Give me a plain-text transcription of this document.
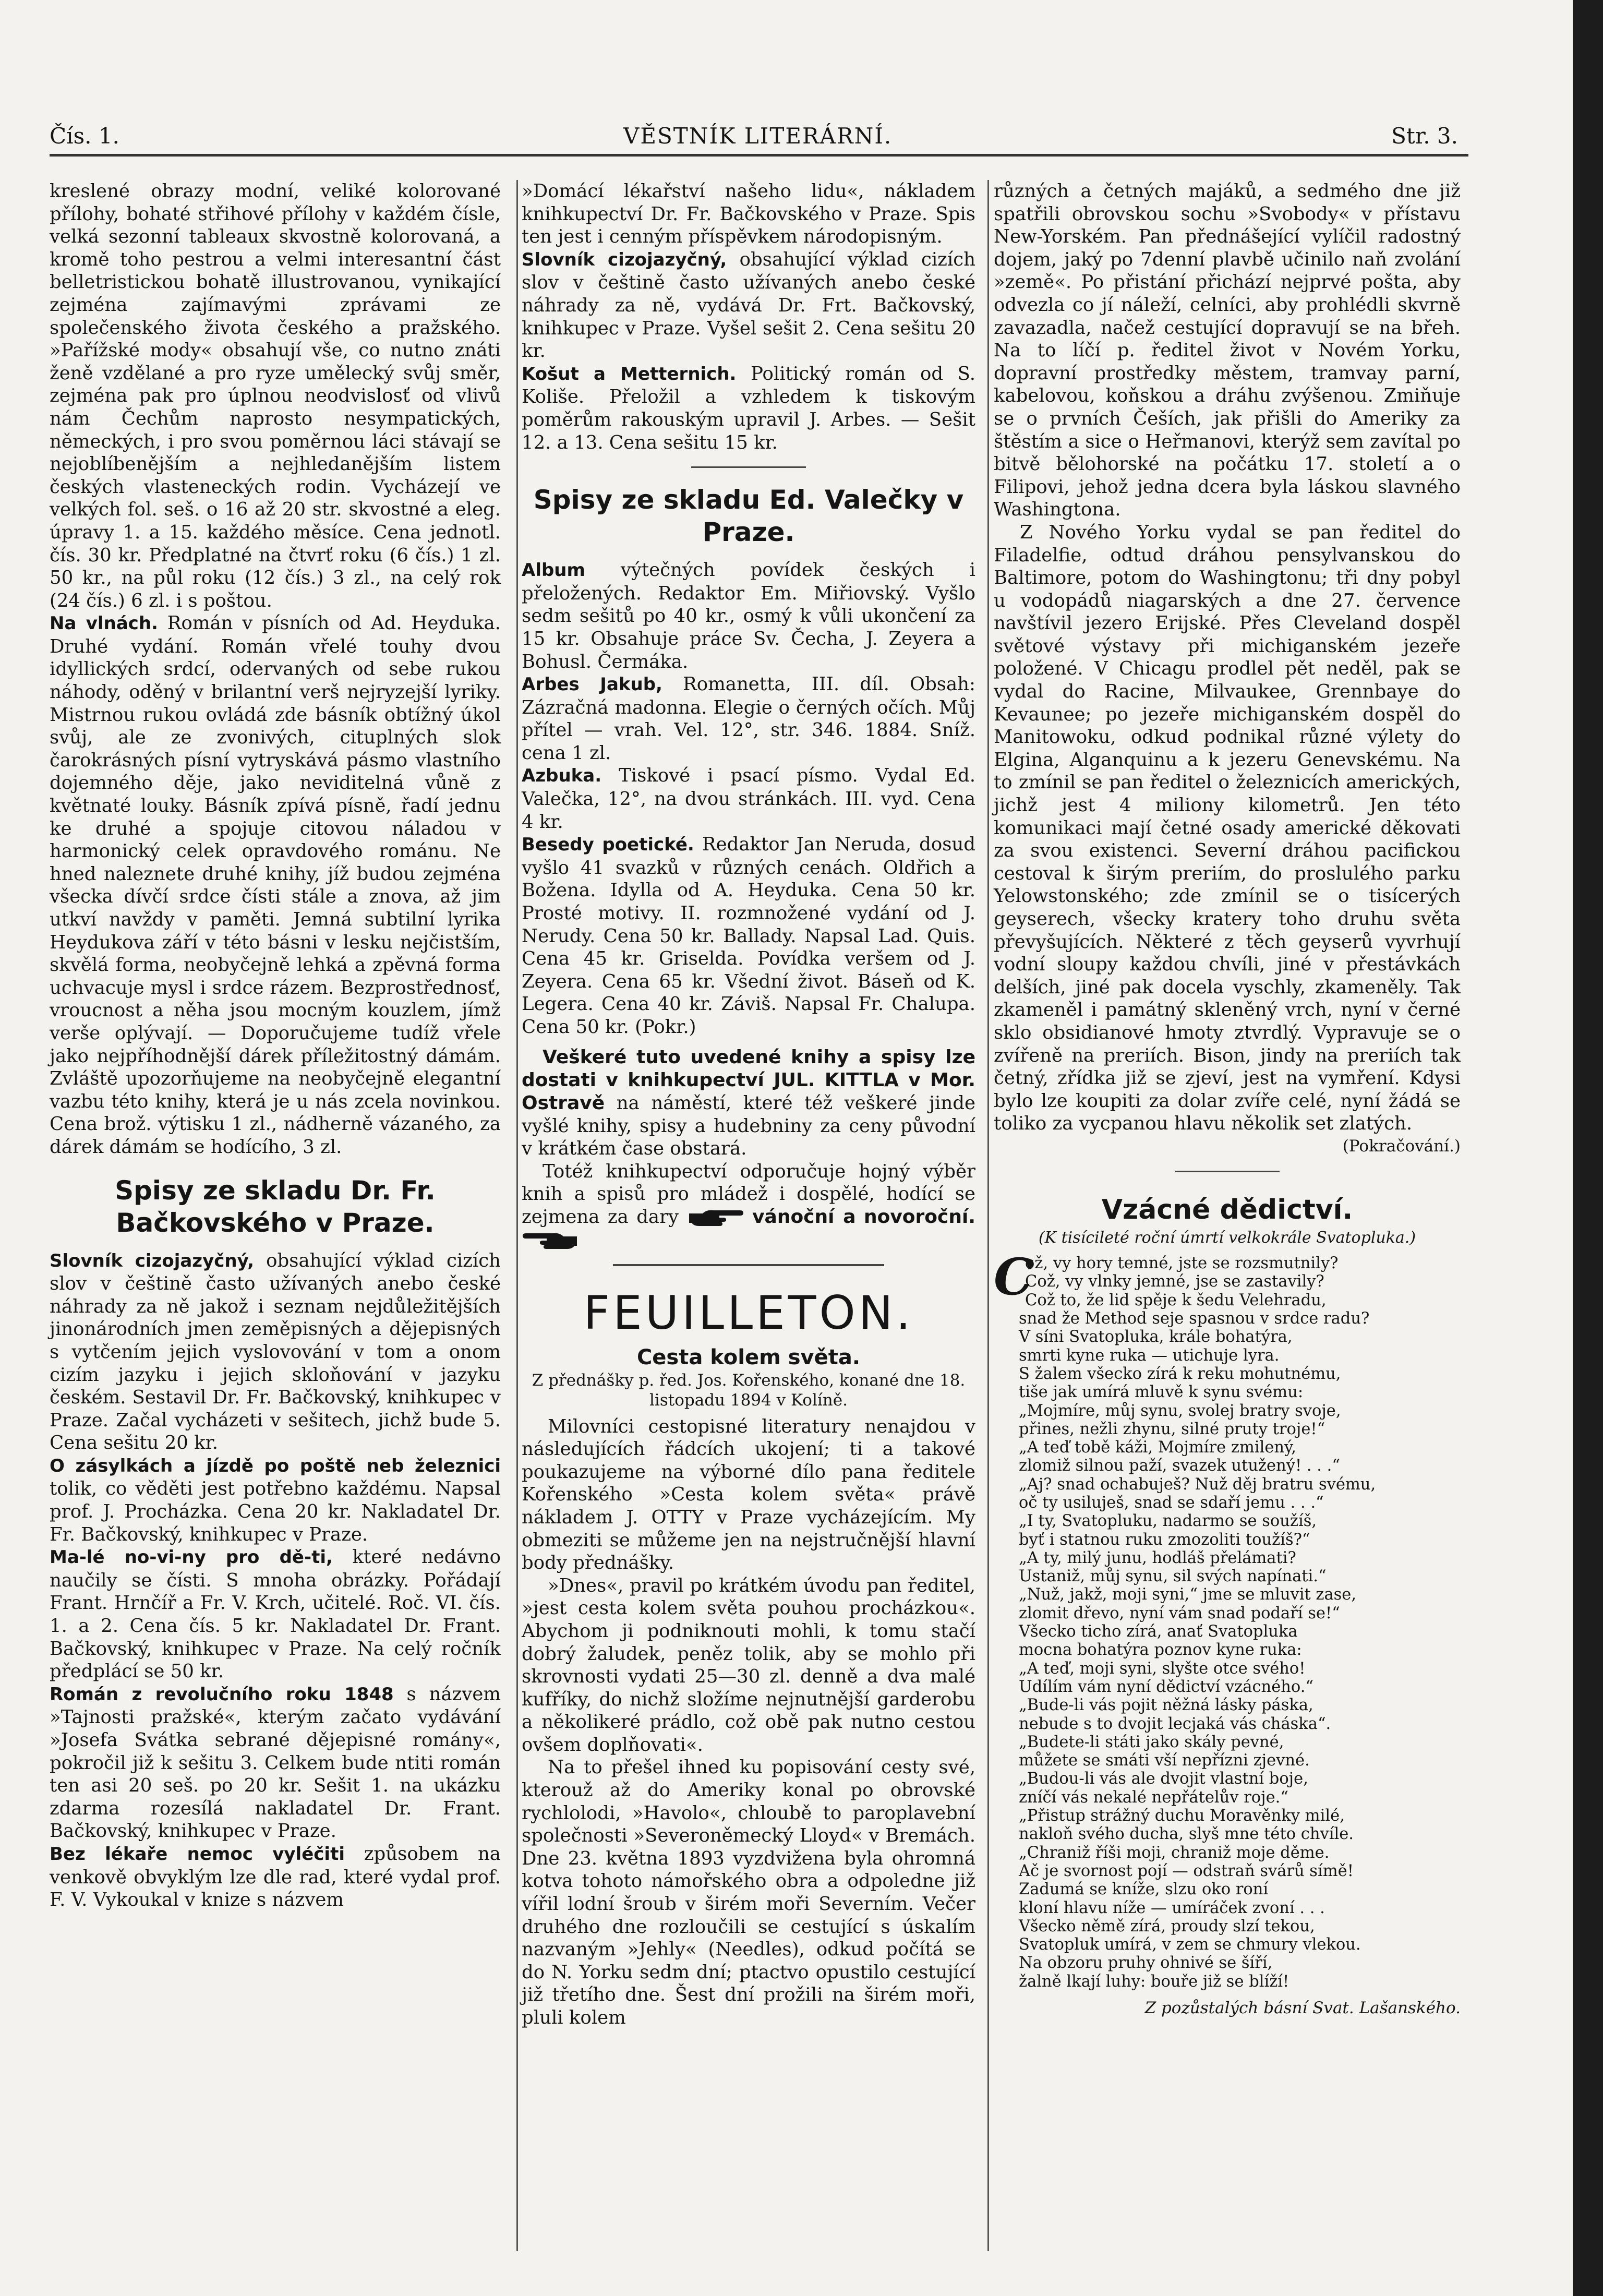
Čís. 1.	VĚSTNÍK LITERÁRNÍ.	Str. 3.

kreslené obrazy modní, veliké kolorované přílohy, bohaté střihové přílohy v každém čísle, velká sezonní tableaux skvostně kolorovaná, a kromě toho pestrou a velmi interesantní část belletristickou bohatě illustrovanou, vynikající zejména zajímavými zprávami ze společenského života českého a pražského. »Pařížské mody« obsahují vše, co nutno znáti ženě vzdělané a pro ryze umělecký svůj směr, zejména pak pro úplnou neodvislosť od vlivů nám Čechům naprosto nesympatických, německých, i pro svou poměrnou láci stávají se nejoblíbenějším a nejhledanějším listem českých vlasteneckých rodin. Vycházejí ve velkých fol. seš. o 16 až 20 str. skvostné a eleg. úpravy 1. a 15. každého měsíce. Cena jednotl. čís. 30 kr. Předplatné na čtvrť roku (6 čís.) 1 zl. 50 kr., na půl roku (12 čís.) 3 zl., na celý rok (24 čís.) 6 zl. i s poštou.

Na vlnách. Román v písních od Ad. Heyduka. Druhé vydání. Román vřelé touhy dvou idyllických srdcí, odervaných od sebe rukou náhody, oděný v brilantní verš nejryzejší lyriky. Mistrnou rukou ovládá zde básník obtížný úkol svůj, ale ze zvonivých, cituplných slok čarokrásných písní vytryskává pásmo vlastního dojemného děje, jako neviditelná vůně z květnaté louky. Básník zpívá písně, řadí jednu ke druhé a spojuje citovou náladou v harmonický celek opravdového románu. Ne hned naleznete druhé knihy, jíž budou zejména všecka dívčí srdce čísti stále a znova, až jim utkví navždy v paměti. Jemná subtilní lyrika Heydukova září v této básni v lesku nejčistším, skvělá forma, neobyčejně lehká a zpěvná forma uchvacuje mysl i srdce rázem. Bezprostřednosť, vroucnost a něha jsou mocným kouzlem, jímž verše oplývají. — Doporučujeme tudíž vřele jako nejpříhodnější dárek příležitostný dámám. Zvláště upozorňujeme na neobyčejně elegantní vazbu této knihy, která je u nás zcela novinkou. Cena brož. výtisku 1 zl., nádherně vázaného, za dárek dámám se hodícího, 3 zl.

Spisy ze skladu Dr. Fr. Bačkovského v Praze.

Slovník cizojazyčný, obsahující výklad cizích slov v češtině často užívaných anebo české náhrady za ně jakož i seznam nejdůležitějších jinonárodních jmen zeměpisných a dějepisných s vytčením jejich vyslovování v tom a onom cizím jazyku i jejich skloňování v jazyku českém. Sestavil Dr. Fr. Bačkovský, knihkupec v Praze. Začal vycházeti v sešitech, jichž bude 5. Cena sešitu 20 kr.

O zásylkách a jízdě po poště neb železnici tolik, co věděti jest potřebno každému. Napsal prof. J. Procházka. Cena 20 kr. Nakladatel Dr. Fr. Bačkovský, knihkupec v Praze.

Ma-lé no-vi-ny pro dě-ti, které nedávno naučily se čísti. S mnoha obrázky. Pořádají Frant. Hrnčíř a Fr. V. Krch, učitelé. Roč. VI. čís. 1. a 2. Cena čís. 5 kr. Nakladatel Dr. Frant. Bačkovský, knihkupec v Praze. Na celý ročník předplácí se 50 kr.

Román z revolučního roku 1848 s názvem »Tajnosti pražské«, kterým začato vydávání »Josefa Svátka sebrané dějepisné romány«, pokročil již k sešitu 3. Celkem bude ntiti román ten asi 20 seš. po 20 kr. Sešit 1. na ukázku zdarma rozesílá nakladatel Dr. Frant. Bačkovský, knihkupec v Praze.

Bez lékaře nemoc vyléčiti způsobem na venkově obvyklým lze dle rad, které vydal prof. F. V. Vykoukal v knize s názvem

»Domácí lékařství našeho lidu«, nákladem knihkupectví Dr. Fr. Bačkovského v Praze. Spis ten jest i cenným příspěvkem národopisným.

Slovník cizojazyčný, obsahující výklad cizích slov v češtině často užívaných anebo české náhrady za ně, vydává Dr. Frt. Bačkovský, knihkupec v Praze. Vyšel sešit 2. Cena sešitu 20 kr.

Košut a Metternich. Politický román od S. Koliše. Přeložil a vzhledem k tiskovým poměrům rakouským upravil J. Arbes. — Sešit 12. a 13. Cena sešitu 15 kr.

Spisy ze skladu Ed. Valečky v Praze.

Album výtečných povídek českých i přeložených. Redaktor Em. Miřiovský. Vyšlo sedm sešitů po 40 kr., osmý k vůli ukončení za 15 kr. Obsahuje práce Sv. Čecha, J. Zeyera a Bohusl. Čermáka.

Arbes Jakub, Romanetta, III. díl. Obsah: Zázračná madonna. Elegie o černých očích. Můj přítel — vrah. Vel. 12°, str. 346. 1884. Sníž. cena 1 zl.

Azbuka. Tiskové i psací písmo. Vydal Ed. Valečka, 12°, na dvou stránkách. III. vyd. Cena 4 kr.

Besedy poetické. Redaktor Jan Neruda, dosud vyšlo 41 svazků v různých cenách. Oldřich a Božena. Idylla od A. Heyduka. Cena 50 kr. Prosté motivy. II. rozmnožené vydání od J. Nerudy. Cena 50 kr. Ballady. Napsal Lad. Quis. Cena 45 kr. Griselda. Povídka veršem od J. Zeyera. Cena 65 kr. Všední život. Báseň od K. Legera. Cena 40 kr. Záviš. Napsal Fr. Chalupa. Cena 50 kr. (Pokr.)

Veškeré tuto uvedené knihy a spisy lze dostati v knihkupectví JUL. KITTLA v Mor. Ostravě na náměstí, které též veškeré jinde vyšlé knihy, spisy a hudebniny za ceny původní v krátkém čase obstará.

Totéž knihkupectví odporučuje hojný výběr knih a spisů pro mládež i dospělé, hodící se zejmena za dary	vánoční a novoroční.

FEUILLETON.
Cesta kolem světa.
Z přednášky p. řed. Jos. Kořenského, konané dne 18. listopadu 1894 v Kolíně.

Milovníci cestopisné literatury nenajdou v následujících řádcích ukojení; ti a takové poukazujeme na výborné dílo pana ředitele Kořenského »Cesta kolem světa« právě nákladem J. OTTY v Praze vycházejícím. My obmeziti se můžeme jen na nejstručnější hlavní body přednášky.

»Dnes«, pravil po krátkém úvodu pan ředitel, »jest cesta kolem světa pouhou procházkou«. Abychom ji podniknouti mohli, k tomu stačí dobrý žaludek, peněz tolik, aby se mohlo při skrovnosti vydati 25—30 zl. denně a dva malé kufříky, do nichž složíme nejnutnější garderobu a několikeré prádlo, což obě pak nutno cestou ovšem doplňovati«.

Na to přešel ihned ku popisování cesty své, kterouž až do Ameriky konal po obrovské rychlolodi, »Havolo«, chloubě to paroplavební společnosti »Severoněmecký Lloyd« v Bremách. Dne 23. května 1893 vyzdvižena byla ohromná kotva tohoto námořského obra a odpoledne již vířil lodní šroub v širém moři Severním. Večer druhého dne rozloučili se cestující s úskalím nazvaným »Jehly« (Needles), odkud počítá se do N. Yorku sedm dní; ptactvo opustilo cestující již třetího dne. Šest dní prožili na širém moři, pluli kolem

různých a četných majáků, a sedmého dne již spatřili obrovskou sochu »Svobody« v přístavu New-Yorském. Pan přednášející vylíčil radostný dojem, jaký po 7denní plavbě učinilo naň zvolání »země«. Po přistání přichází nejprvé pošta, aby odvezla co jí náleží, celníci, aby prohlédli skvrně zavazadla, načež cestující dopravují se na břeh. Na to líčí p. ředitel život v Novém Yorku, dopravní prostředky městem, tramvay parní, kabelovou, koňskou a dráhu zvýšenou. Zmiňuje se o prvních Češích, jak přišli do Ameriky za štěstím a sice o Heřmanovi, kterýž sem zavítal po bitvě bělohorské na počátku 17. století a o Filipovi, jehož jedna dcera byla láskou slavného Washingtona.

Z Nového Yorku vydal se pan ředitel do Filadelfie, odtud dráhou pensylvanskou do Baltimore, potom do Washingtonu; tři dny pobyl u vodopádů niagarských a dne 27. července navštívil jezero Erijské. Přes Cleveland dospěl světové výstavy při michiganském jezeře položené. V Chicagu prodlel pět neděl, pak se vydal do Racine, Milvaukee, Grennbaye do Kevaunee; po jezeře michiganském dospěl do Manitowoku, odkud podnikal různé výlety do Elgina, Alganquinu a k jezeru Genevskému. Na to zmínil se pan ředitel o železnicích amerických, jichž jest 4 miliony kilometrů. Jen této komunikaci mají četné osady americké děkovati za svou existenci. Severní dráhou pacifickou cestoval k širým preriím, do proslulého parku Yelowstonského; zde zmínil se o tisícerých geyserech, všecky kratery toho druhu světa převyšujících. Některé z těch geyserů vyvrhují vodní sloupy každou chvíli, jiné v přestávkách delších, jiné pak docela vyschly, zkameněly. Tak zkameněl i památný skleněný vrch, nyní v černé sklo obsidianové hmoty ztvrdlý. Vypravuje se o zvířeně na preriích. Bison, jindy na preriích tak četný, zřídka již se zjeví, jest na vymření. Kdysi bylo lze koupiti za dolar zvíře celé, nyní žádá se toliko za vycpanou hlavu několik set zlatých.

(Pokračování.)

Vzácné dědictví.
(K tisícileté roční úmrtí velkokrále Svatopluka.)
C

ož, vy hory temné, jste se rozsmutnily?

Což, vy vlnky jemné, jse se zastavily?

Což to, že lid spěje k šedu Velehradu,

snad že Method seje spasnou v srdce radu?

V síni Svatopluka, krále bohatýra,

smrti kyne ruka — utichuje lyra.

S žalem všecko zírá k reku mohutnému,

tiše jak umírá mluvě k synu svému:

„Mojmíre, můj synu, svolej bratry svoje,

přines, nežli zhynu, silné pruty troje!“

„A teď tobě káži, Mojmíre zmilený,

zlomiž silnou paží, svazek utužený! . . .“

„Aj? snad ochabuješ? Nuž děj bratru svému,

oč ty usiluješ, snad se sdaří jemu . . .“

„I ty, Svatopluku, nadarmo se soužíš,

byť i statnou ruku zmozoliti toužíš?“

„A ty, milý junu, hodláš přelámati?

Ustaniž, můj synu, sil svých napínati.“

„Nuž, jakž, moji syni,“ jme se mluvit zase,

zlomit dřevo, nyní vám snad podaří se!“

Všecko ticho zírá, anať Svatopluka

mocna bohatýra poznov kyne ruka:

„A teď, moji syni, slyšte otce svého!

Udílím vám nyní dědictví vzácného.“

„Bude-li vás pojit něžná lásky páska,

nebude s to dvojit lecjaká vás cháska“.

„Budete-li státi jako skály pevné,

můžete se smáti vší nepřízni zjevné.

„Budou-li vás ale dvojit vlastní boje,

zníčí vás nekalé nepřátelův roje.“

„Přistup strážný duchu Moravěnky milé,

nakloň svého ducha, slyš mne této chvíle.

„Chraniž říši moji, chraniž moje děme.

Ač je svornost pojí — odstraň svárů símě!

Zadumá se kníže, slzu oko roní

kloní hlavu níže — umíráček zvoní . . .

Všecko němě zírá, proudy slzí tekou,

Svatopluk umírá, v zem se chmury vlekou.

Na obzoru pruhy ohnivé se šíří,

žalně lkají luhy: bouře již se blíží!

Z pozůstalých básní Svat. Lašanského.
